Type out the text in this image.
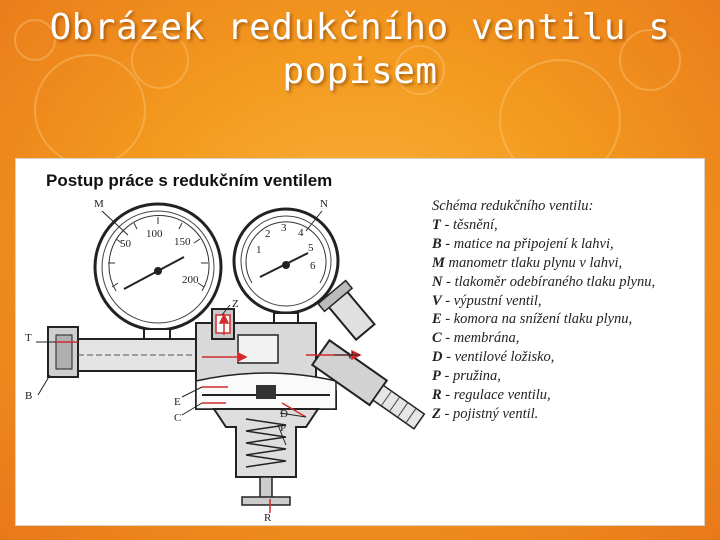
Obrázek redukčního ventilu s
popisem
Postup práce s redukčním ventilem
50
100
150
200
1
2 3 4
5
6
M	N
T
B
Z
V
E
C	D
P
R
Schéma redukčního ventilu:
T - těsnění,
B - matice na připojení k lahvi,
M manometr tlaku plynu v lahvi,
N - tlakoměr odebíraného tlaku plynu,
V - výpustní ventil,
E - komora na snížení tlaku plynu,
C - membrána,
D - ventilové ložisko,
P - pružina,
R - regulace ventilu,
Z - pojistný ventil.
